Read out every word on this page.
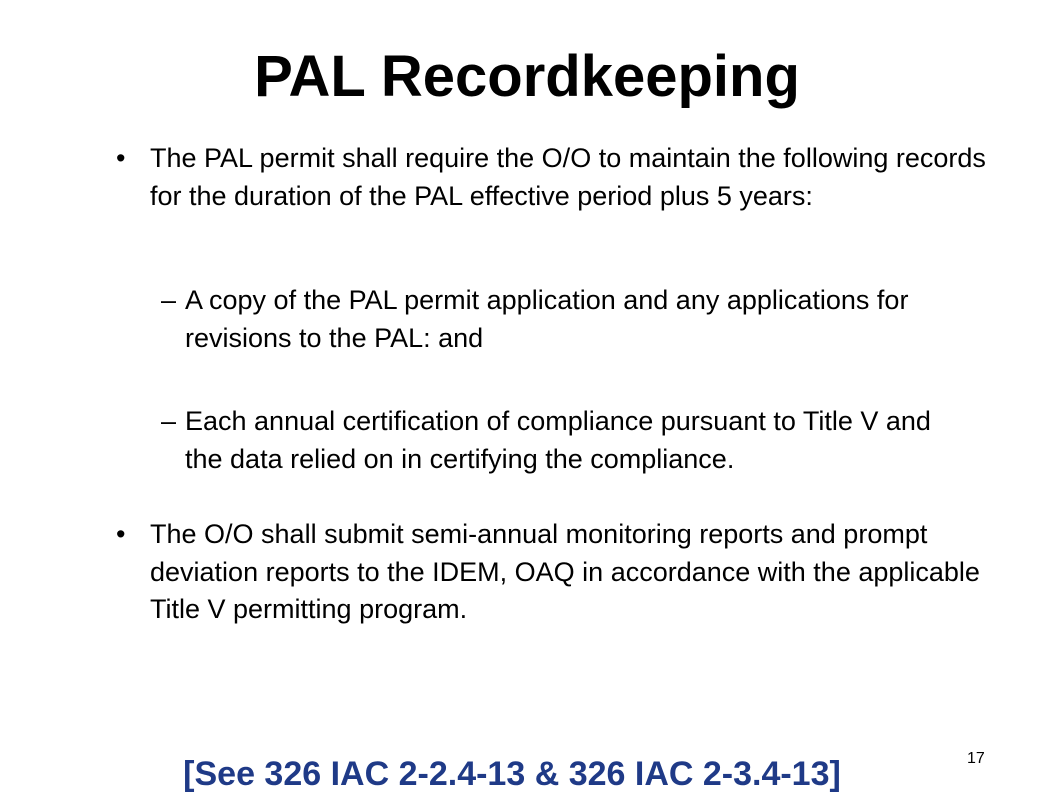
PAL Recordkeeping
• The PAL permit shall require the O/O to maintain the following records for the duration of the PAL effective period plus 5 years:
– A copy of the PAL permit application and any applications for revisions to the PAL: and
– Each annual certification of compliance pursuant to Title V and the data relied on in certifying the compliance.
• The O/O shall submit semi-annual monitoring reports and prompt deviation reports to the IDEM, OAQ in accordance with the applicable Title V permitting program.
[See 326 IAC 2-2.4-13 & 326 IAC 2-3.4-13]	17
